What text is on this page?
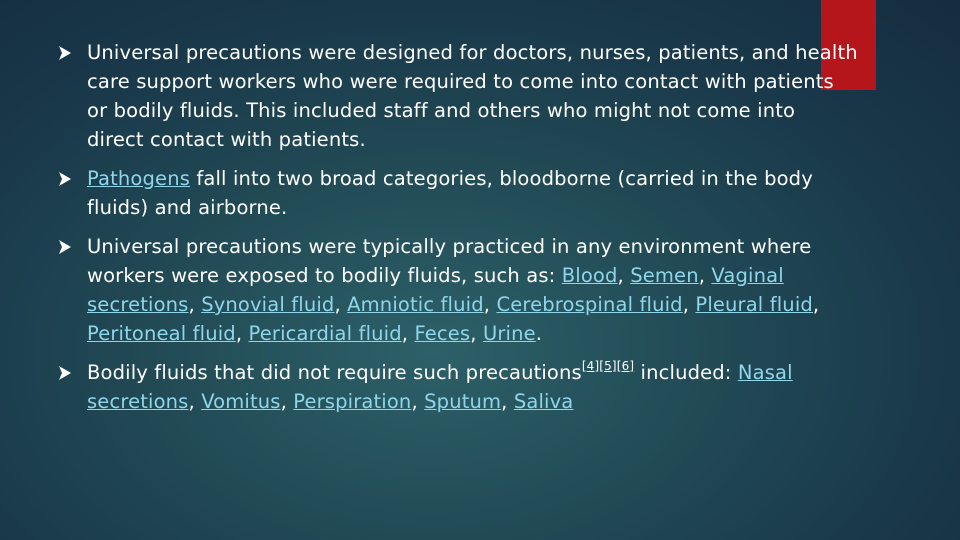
Universal precautions were designed for doctors, nurses, patients, and health care support workers who were required to come into contact with patients or bodily fluids. This included staff and others who might not come into direct contact with patients.
Pathogens fall into two broad categories, bloodborne (carried in the body fluids) and airborne.
Universal precautions were typically practiced in any environment where workers were exposed to bodily fluids, such as: Blood, Semen, Vaginal secretions, Synovial fluid, Amniotic fluid, Cerebrospinal fluid, Pleural fluid, Peritoneal fluid, Pericardial fluid, Feces, Urine.
Bodily fluids that did not require such precautions[4][5][6] included: Nasal secretions, Vomitus, Perspiration, Sputum, Saliva
